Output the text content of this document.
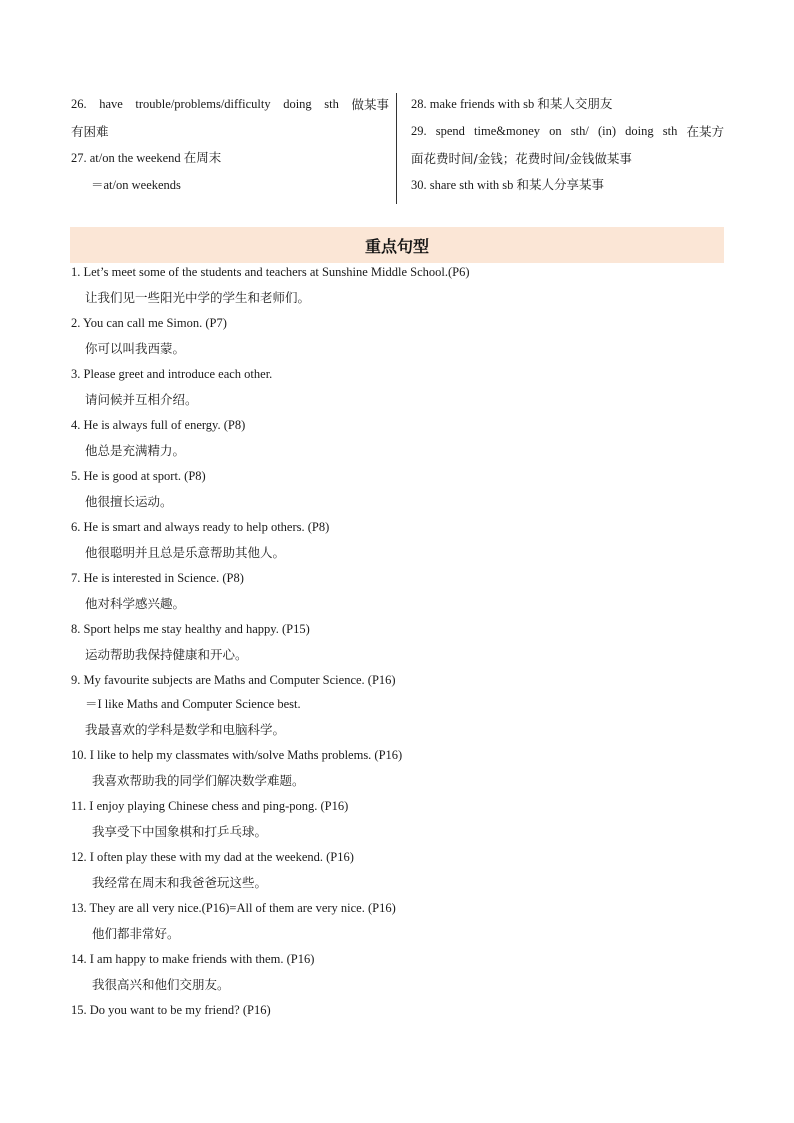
26. have trouble/problems/difficulty doing sth 做某事
有困难
27. at/on the weekend 在周末
＝at/on weekends
28. make friends with sb 和某人交朋友
29. spend time&money on sth/ (in) doing sth 在某方
面花费时间/金钱；花费时间/金钱做某事
30. share sth with sb 和某人分享某事
重点句型
1. Let’s meet some of the students and teachers at Sunshine Middle School.(P6)
让我们见一些阳光中学的学生和老师们。
2. You can call me Simon. (P7)
你可以叫我西蒙。
3. Please greet and introduce each other.
请问候并互相介绍。
4. He is always full of energy. (P8)
他总是充满精力。
5. He is good at sport. (P8)
他很擅长运动。
6. He is smart and always ready to help others. (P8)
他很聪明并且总是乐意帮助其他人。
7. He is interested in Science. (P8)
他对科学感兴趣。
8. Sport helps me stay healthy and happy. (P15)
运动帮助我保持健康和开心。
9. My favourite subjects are Maths and Computer Science. (P16)
＝I like Maths and Computer Science best.
我最喜欢的学科是数学和电脑科学。
10. I like to help my classmates with/solve Maths problems. (P16)
我喜欢帮助我的同学们解决数学难题。
11. I enjoy playing Chinese chess and ping-pong. (P16)
我享受下中国象棋和打乒乓球。
12. I often play these with my dad at the weekend. (P16)
我经常在周末和我爸爸玩这些。
13. They are all very nice.(P16)=All of them are very nice. (P16)
他们都非常好。
14. I am happy to make friends with them. (P16)
我很高兴和他们交朋友。
15. Do you want to be my friend? (P16)
